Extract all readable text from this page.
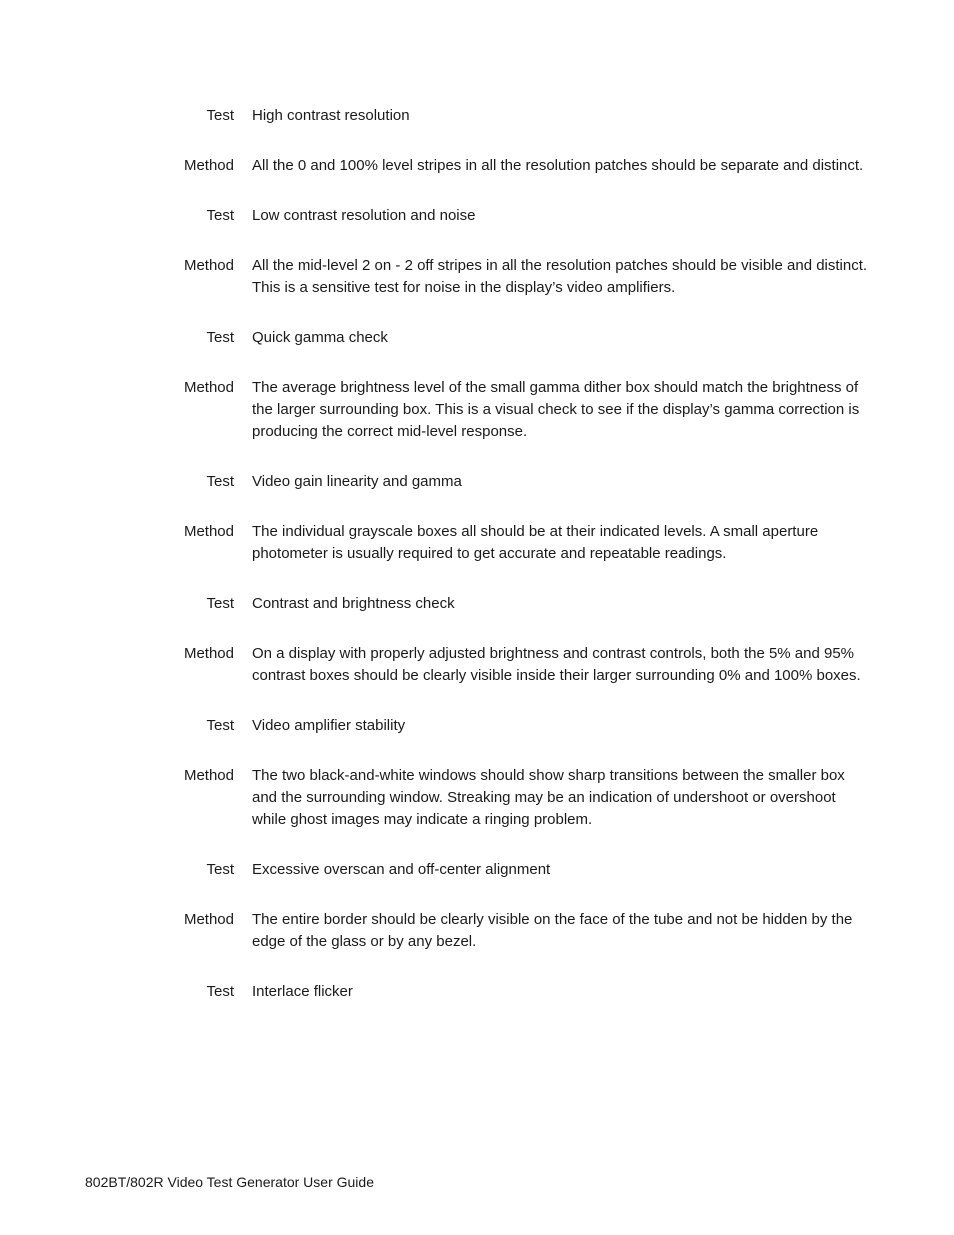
Test High contrast resolution
Method All the 0 and 100% level stripes in all the resolution patches should be separate and distinct.
Test Low contrast resolution and noise
Method All the mid-level 2 on - 2 off stripes in all the resolution patches should be visible and distinct. This is a sensitive test for noise in the display’s video amplifiers.
Test Quick gamma check
Method The average brightness level of the small gamma dither box should match the brightness of the larger surrounding box. This is a visual check to see if the display’s gamma correction is producing the correct mid-level response.
Test Video gain linearity and gamma
Method The individual grayscale boxes all should be at their indicated levels. A small aperture photometer is usually required to get accurate and repeatable readings.
Test Contrast and brightness check
Method On a display with properly adjusted brightness and contrast controls, both the 5% and 95% contrast boxes should be clearly visible inside their larger surrounding 0% and 100% boxes.
Test Video amplifier stability
Method The two black-and-white windows should show sharp transitions between the smaller box and the surrounding window. Streaking may be an indication of undershoot or overshoot while ghost images may indicate a ringing problem.
Test Excessive overscan and off-center alignment
Method The entire border should be clearly visible on the face of the tube and not be hidden by the edge of the glass or by any bezel.
Test Interlace flicker
802BT/802R Video Test Generator User Guide
